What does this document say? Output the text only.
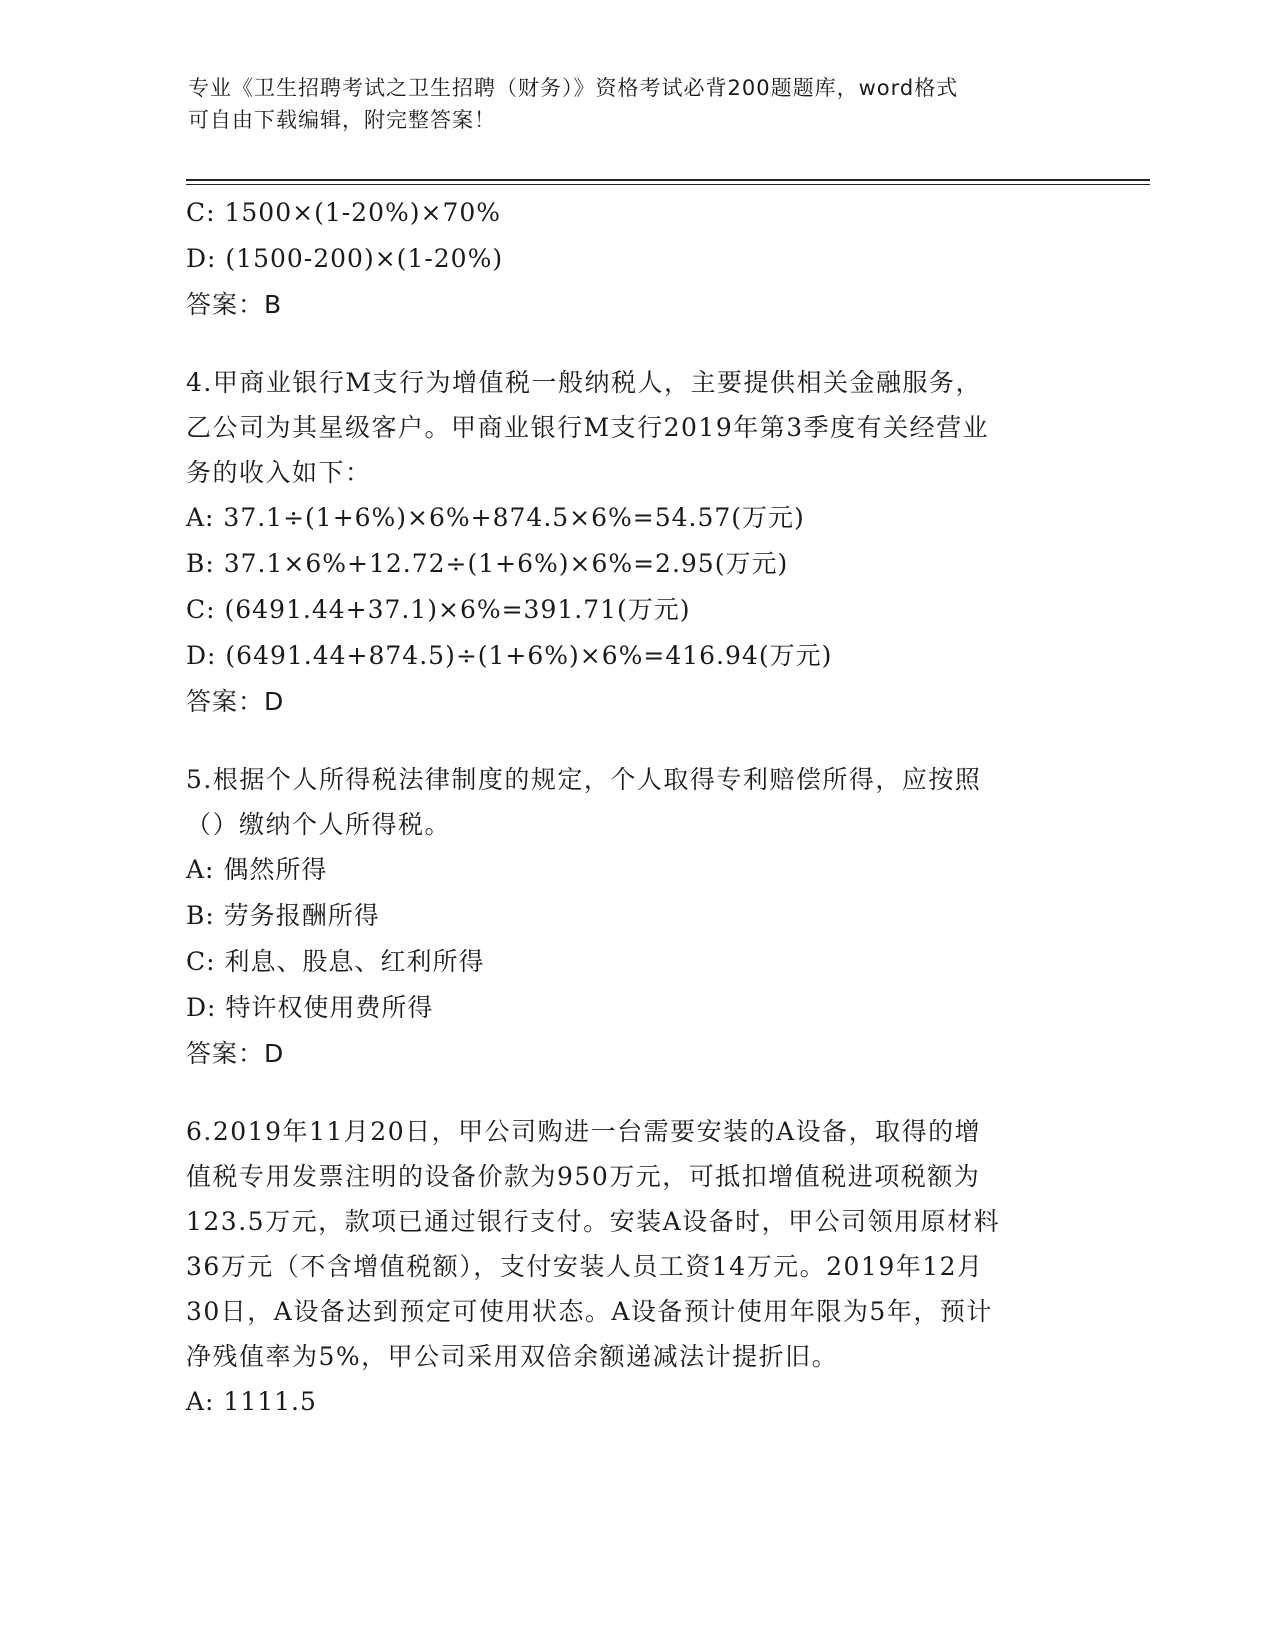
专业《卫生招聘考试之卫生招聘（财务）》资格考试必背200题题库，word格式
可自由下载编辑，附完整答案！
C: 1500×(1-20%)×70%
D: (1500-200)×(1-20%)
答案：B
4.甲商业银行M支行为增值税一般纳税人，主要提供相关金融服务，
乙公司为其星级客户。甲商业银行M支行2019年第3季度有关经营业
务的收入如下：
A: 37.1÷(1+6%)×6%+874.5×6%=54.57(万元)
B: 37.1×6%+12.72÷(1+6%)×6%=2.95(万元)
C: (6491.44+37.1)×6%=391.71(万元)
D: (6491.44+874.5)÷(1+6%)×6%=416.94(万元)
答案：D
5.根据个人所得税法律制度的规定，个人取得专利赔偿所得，应按照
（）缴纳个人所得税。
A: 偶然所得
B: 劳务报酬所得
C: 利息、股息、红利所得
D: 特许权使用费所得
答案：D
6.2019年11月20日，甲公司购进一台需要安装的A设备，取得的增
值税专用发票注明的设备价款为950万元，可抵扣增值税进项税额为
123.5万元，款项已通过银行支付。安装A设备时，甲公司领用原材料
36万元（不含增值税额），支付安装人员工资14万元。2019年12月
30日，A设备达到预定可使用状态。A设备预计使用年限为5年，预计
净残值率为5%，甲公司采用双倍余额递减法计提折旧。
A: 1111.5
